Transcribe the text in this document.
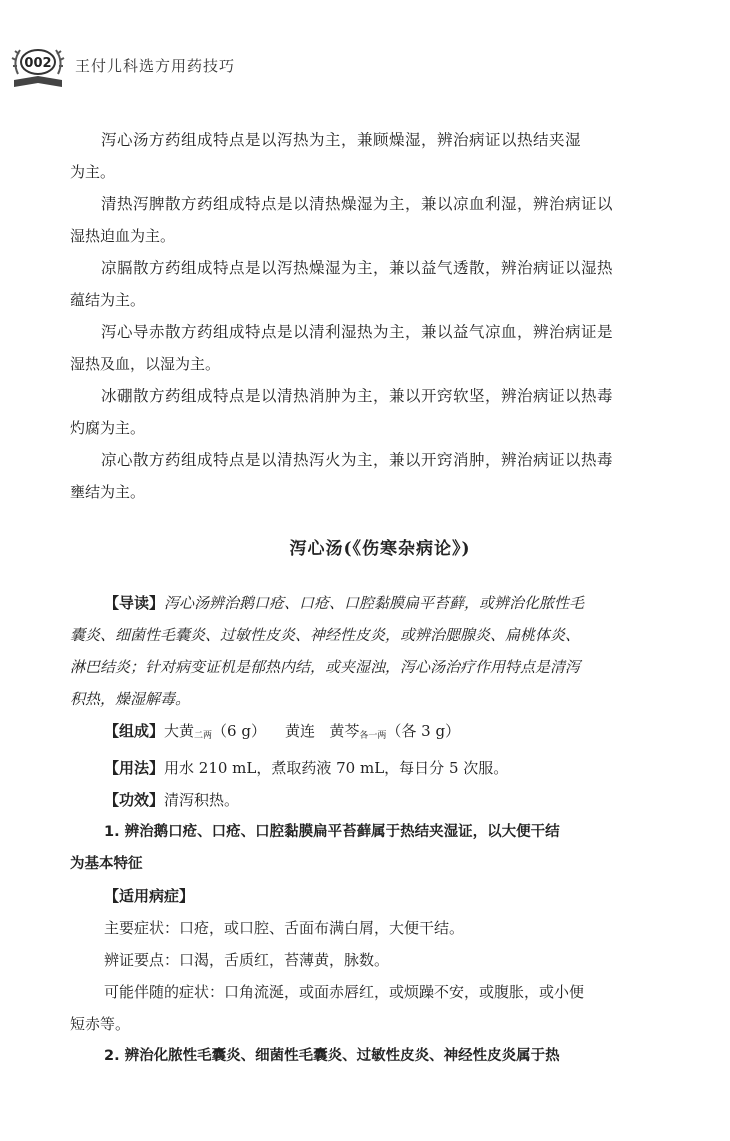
002 王付儿科选方用药技巧

泻心汤方药组成特点是以泻热为主，兼顾燥湿，辨治病证以热结夹湿

为主。

清热泻脾散方药组成特点是以清热燥湿为主，兼以凉血利湿，辨治病证以

湿热迫血为主。

凉膈散方药组成特点是以泻热燥湿为主，兼以益气透散，辨治病证以湿热

蕴结为主。

泻心导赤散方药组成特点是以清利湿热为主，兼以益气凉血，辨治病证是

湿热及血，以湿为主。

冰硼散方药组成特点是以清热消肿为主，兼以开窍软坚，辨治病证以热毒

灼腐为主。

凉心散方药组成特点是以清热泻火为主，兼以开窍消肿，辨治病证以热毒

壅结为主。

泻心汤(《伤寒杂病论》)

【导读】泻心汤辨治鹅口疮、口疮、口腔黏膜扁平苔藓，或辨治化脓性毛

囊炎、细菌性毛囊炎、过敏性皮炎、神经性皮炎，或辨治腮腺炎、扁桃体炎、

淋巴结炎；针对病变证机是郁热内结，或夹湿浊，泻心汤治疗作用特点是清泻

积热，燥湿解毒。

【组成】大黄$_{二两}$（6 g） 黄连 黄芩$_{各一两}$（各 3 g）

【用法】用水 210 mL，煮取药液 70 mL，每日分 5 次服。

【功效】清泻积热。

1. 辨治鹅口疮、口疮、口腔黏膜扁平苔藓属于热结夹湿证，以大便干结

为基本特征

【适用病症】

主要症状：口疮，或口腔、舌面布满白屑，大便干结。

辨证要点：口渴，舌质红，苔薄黄，脉数。

可能伴随的症状：口角流涎，或面赤唇红，或烦躁不安，或腹胀，或小便

短赤等。

2. 辨治化脓性毛囊炎、细菌性毛囊炎、过敏性皮炎、神经性皮炎属于热
